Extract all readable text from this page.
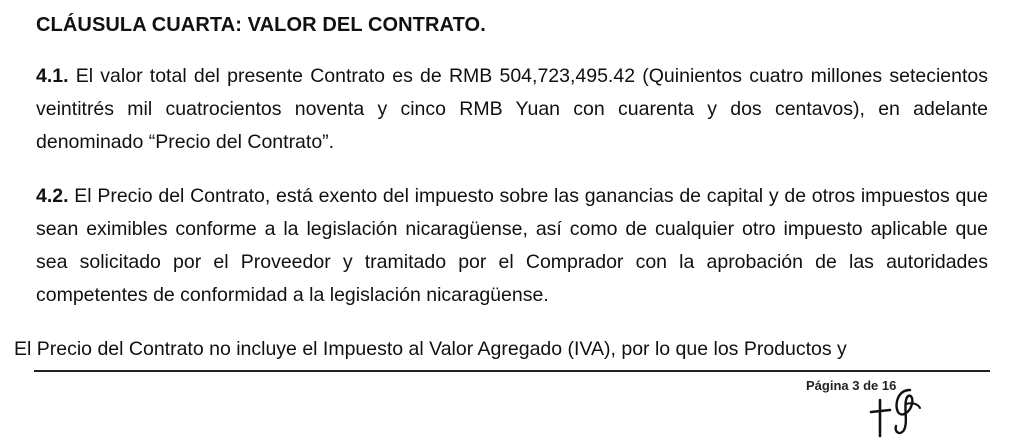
CLÁUSULA CUARTA: VALOR DEL CONTRATO.
4.1. El valor total del presente Contrato es de RMB 504,723,495.42 (Quinientos cuatro millones setecientos veintitrés mil cuatrocientos noventa y cinco RMB Yuan con cuarenta y dos centavos), en adelante denominado “Precio del Contrato”.
4.2. El Precio del Contrato, está exento del impuesto sobre las ganancias de capital y de otros impuestos que sean eximibles conforme a la legislación nicaragüense, así como de cualquier otro impuesto aplicable que sea solicitado por el Proveedor y tramitado por el Comprador con la aprobación de las autoridades competentes de conformidad a la legislación nicaragüense.
El Precio del Contrato no incluye el Impuesto al Valor Agregado (IVA), por lo que los Productos y
Página 3 de 16
